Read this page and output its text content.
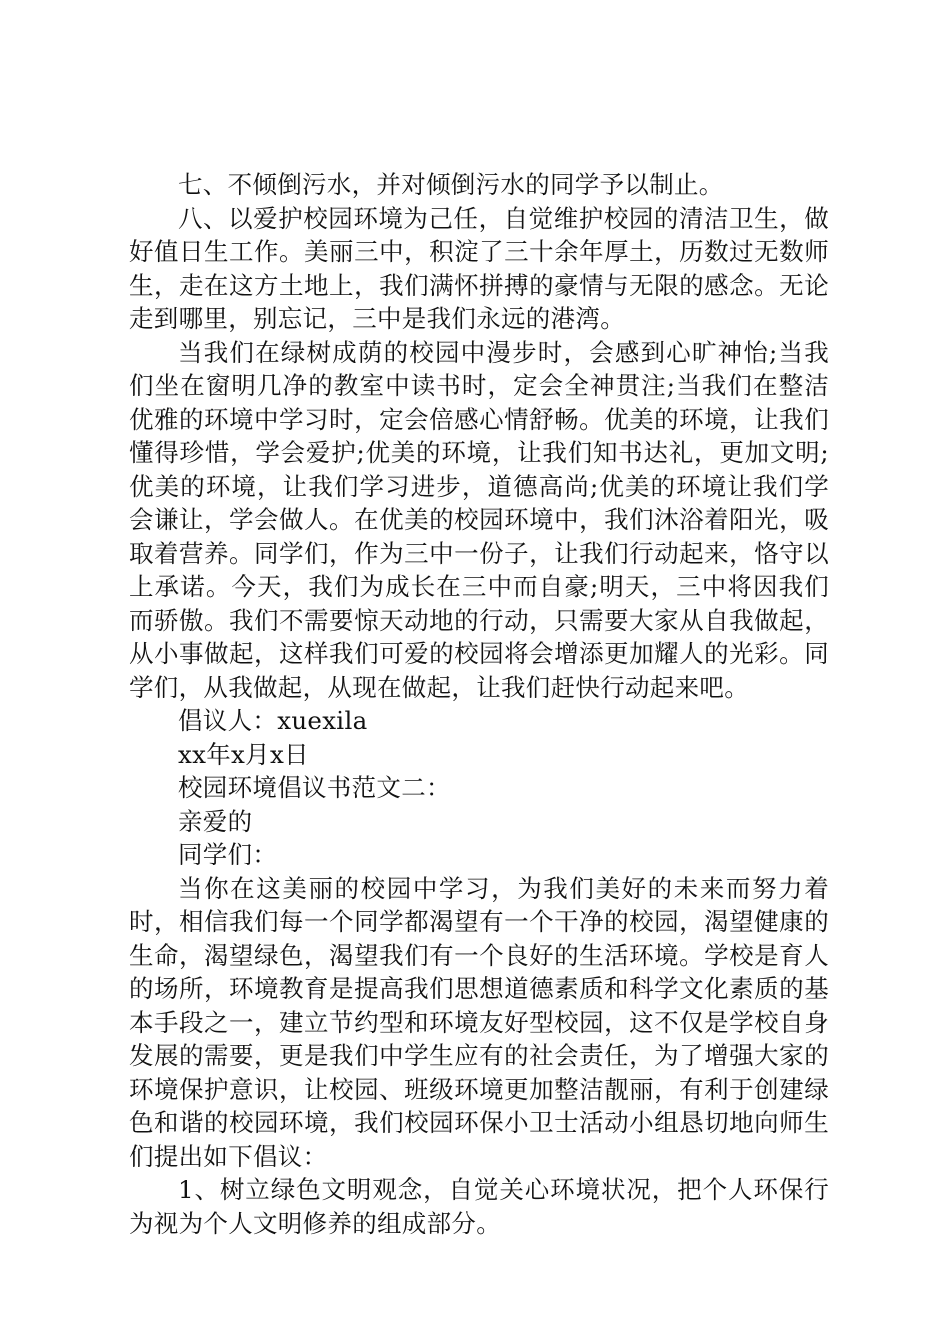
七、不倾倒污水，并对倾倒污水的同学予以制止。

八、以爱护校园环境为己任，自觉维护校园的清洁卫生，做好值日生工作。美丽三中，积淀了三十余年厚土，历数过无数师生，走在这方土地上，我们满怀拼搏的豪情与无限的感念。无论走到哪里，别忘记，三中是我们永远的港湾。

当我们在绿树成荫的校园中漫步时，会感到心旷神怡;当我们坐在窗明几净的教室中读书时，定会全神贯注;当我们在整洁优雅的环境中学习时，定会倍感心情舒畅。优美的环境，让我们懂得珍惜，学会爱护;优美的环境，让我们知书达礼，更加文明;优美的环境，让我们学习进步，道德高尚;优美的环境让我们学会谦让，学会做人。在优美的校园环境中，我们沐浴着阳光，吸取着营养。同学们，作为三中一份子，让我们行动起来，恪守以上承诺。今天，我们为成长在三中而自豪;明天，三中将因我们而骄傲。我们不需要惊天动地的行动，只需要大家从自我做起，从小事做起，这样我们可爱的校园将会增添更加耀人的光彩。同学们，从我做起，从现在做起，让我们赶快行动起来吧。

倡议人：xuexila

xx年x月x日

校园环境倡议书范文二：

亲爱的

同学们：

当你在这美丽的校园中学习，为我们美好的未来而努力着时，相信我们每一个同学都渴望有一个干净的校园，渴望健康的生命，渴望绿色，渴望我们有一个良好的生活环境。学校是育人的场所，环境教育是提高我们思想道德素质和科学文化素质的基本手段之一，建立节约型和环境友好型校园，这不仅是学校自身发展的需要，更是我们中学生应有的社会责任，为了增强大家的环境保护意识，让校园、班级环境更加整洁靓丽，有利于创建绿色和谐的校园环境，我们校园环保小卫士活动小组恳切地向师生们提出如下倡议：

1、树立绿色文明观念，自觉关心环境状况，把个人环保行为视为个人文明修养的组成部分。
